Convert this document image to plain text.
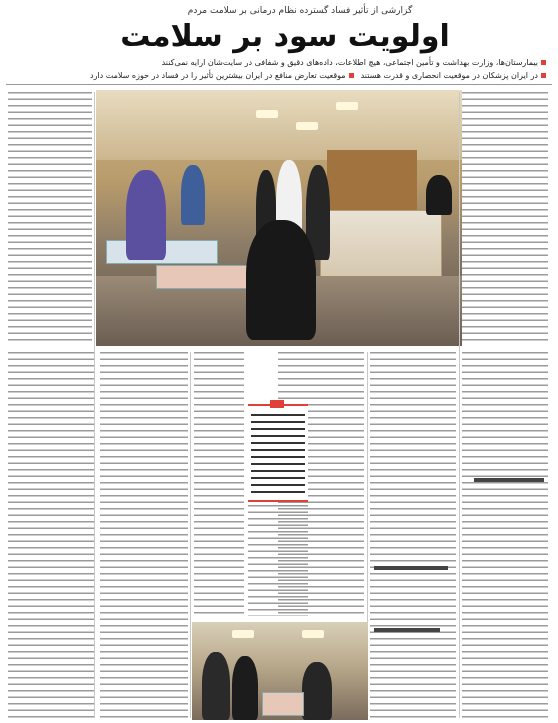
گزارشی از تأثیر فساد گسترده نظام درمانی بر سلامت مردم
اولویت سود بر سلامت
بیمارستان‌ها، وزارت بهداشت و تأمین اجتماعی، هیچ اطلاعات، داده‌های دقیق و شفافی در سایت‌شان ارایه نمی‌کنند
در ایران پزشکان در موقعیت انحصاری و قدرت هستند
موقعیت تعارض منافع در ایران بیشترین تأثیر را در فساد در حوزه سلامت دارد
